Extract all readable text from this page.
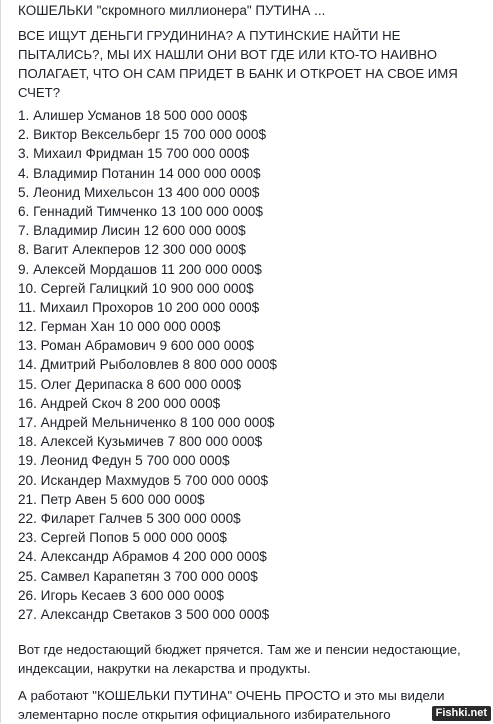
КОШЕЛЬКИ "скромного миллионера" ПУТИНА ...
ВСЕ ИЩУТ ДЕНЬГИ ГРУДИНИНА? А ПУТИНСКИЕ НАЙТИ НЕ ПЫТАЛИСЬ?, МЫ ИХ НАШЛИ ОНИ ВОТ ГДЕ ИЛИ КТО-ТО НАИВНО ПОЛАГАЕТ, ЧТО ОН САМ ПРИДЕТ В БАНК И ОТКРОЕТ НА СВОЕ ИМЯ СЧЕТ?
1. Алишер Усманов 18 500 000 000$
2. Виктор Вексельберг 15 700 000 000$
3. Михаил Фридман 15 700 000 000$
4. Владимир Потанин 14 000 000 000$
5. Леонид Михельсон 13 400 000 000$
6. Геннадий Тимченко 13 100 000 000$
7. Владимир Лисин 12 600 000 000$
8. Вагит Алекперов 12 300 000 000$
9. Алексей Мордашов 11 200 000 000$
10. Сергей Галицкий 10 900 000 000$
11. Михаил Прохоров 10 200 000 000$
12. Герман Хан 10 000 000 000$
13. Роман Абрамович 9 600 000 000$
14. Дмитрий Рыболовлев 8 800 000 000$
15. Олег Дерипаска 8 600 000 000$
16. Андрей Скоч 8 200 000 000$
17. Андрей Мельниченко 8 100 000 000$
18. Алексей Кузьмичев 7 800 000 000$
19. Леонид Федун 5 700 000 000$
20. Искандер Махмудов 5 700 000 000$
21. Петр Авен 5 600 000 000$
22. Филарет Галчев 5 300 000 000$
23. Сергей Попов 5 000 000 000$
24. Александр Абрамов 4 200 000 000$
25. Самвел Карапетян 3 700 000 000$
26. Игорь Кесаев 3 600 000 000$
27. Александр Светаков 3 500 000 000$
Вот где недостающий бюджет прячется. Там же и пенсии недостающие, индексации, накрутки на лекарства и продукты.
А работают "КОШЕЛЬКИ ПУТИНА" ОЧЕНЬ ПРОСТО и это мы видели элементарно после открытия официального избирательного	Fishki.net
